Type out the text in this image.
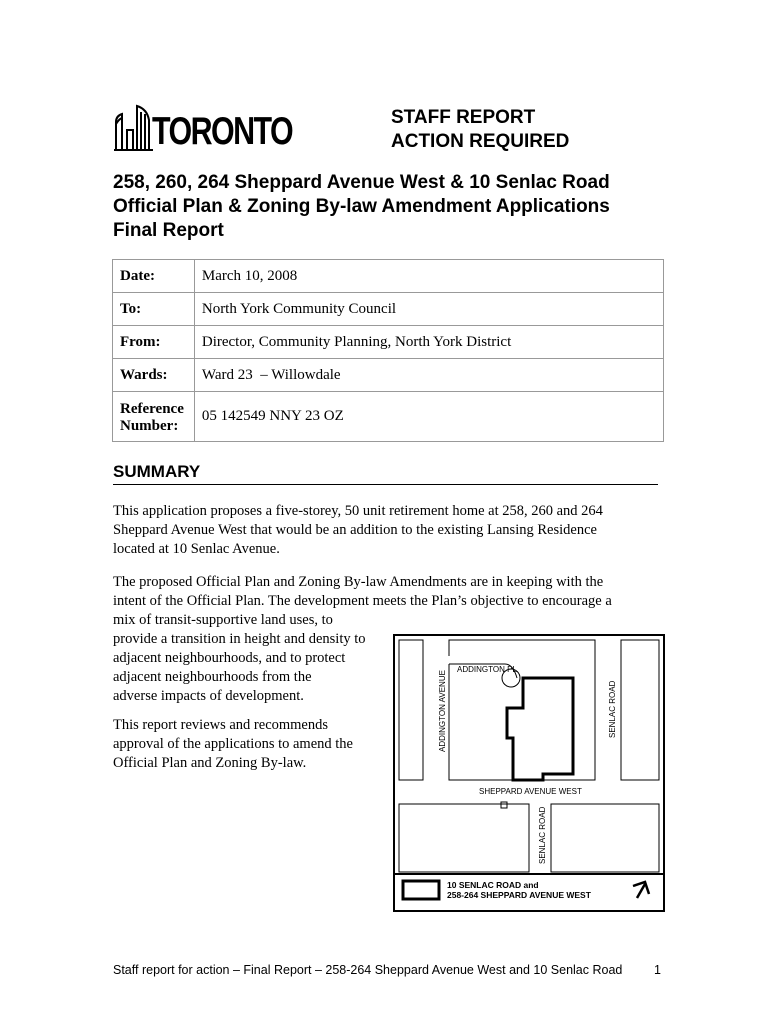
TORONTO	STAFF REPORT
ACTION REQUIRED
258, 260, 264 Sheppard Avenue West & 10 Senlac Road
Official Plan & Zoning By-law Amendment Applications
Final Report
Date:	March 10, 2008
To:	North York Community Council
From:	Director, Community Planning, North York District
Wards:	Ward 23  – Willowdale

Reference
Number:	05 142549 NNY 23 OZ
SUMMARY
This application proposes a five-storey, 50 unit retirement home at 258, 260 and 264
Sheppard Avenue West that would be an addition to the existing Lansing Residence
located at 10 Senlac Avenue.
The proposed Official Plan and Zoning By-law Amendments are in keeping with the
intent of the Official Plan. The development meets the Plan’s objective to encourage a
mix of transit-supportive land uses, to
provide a transition in height and density to
adjacent neighbourhoods, and to protect
adjacent neighbourhoods from the
adverse impacts of development.
This report reviews and recommends
approval of the applications to amend the
Official Plan and Zoning By-law.
ADDINGTON PL
ADDINGTON AVENUE	SENLAC ROAD
SHEPPARD AVENUE WEST
SENLAC ROAD
10 SENLAC ROAD and
258-264 SHEPPARD AVENUE WEST
Staff report for action – Final Report – 258-264 Sheppard Avenue West and 10 Senlac Road	1
